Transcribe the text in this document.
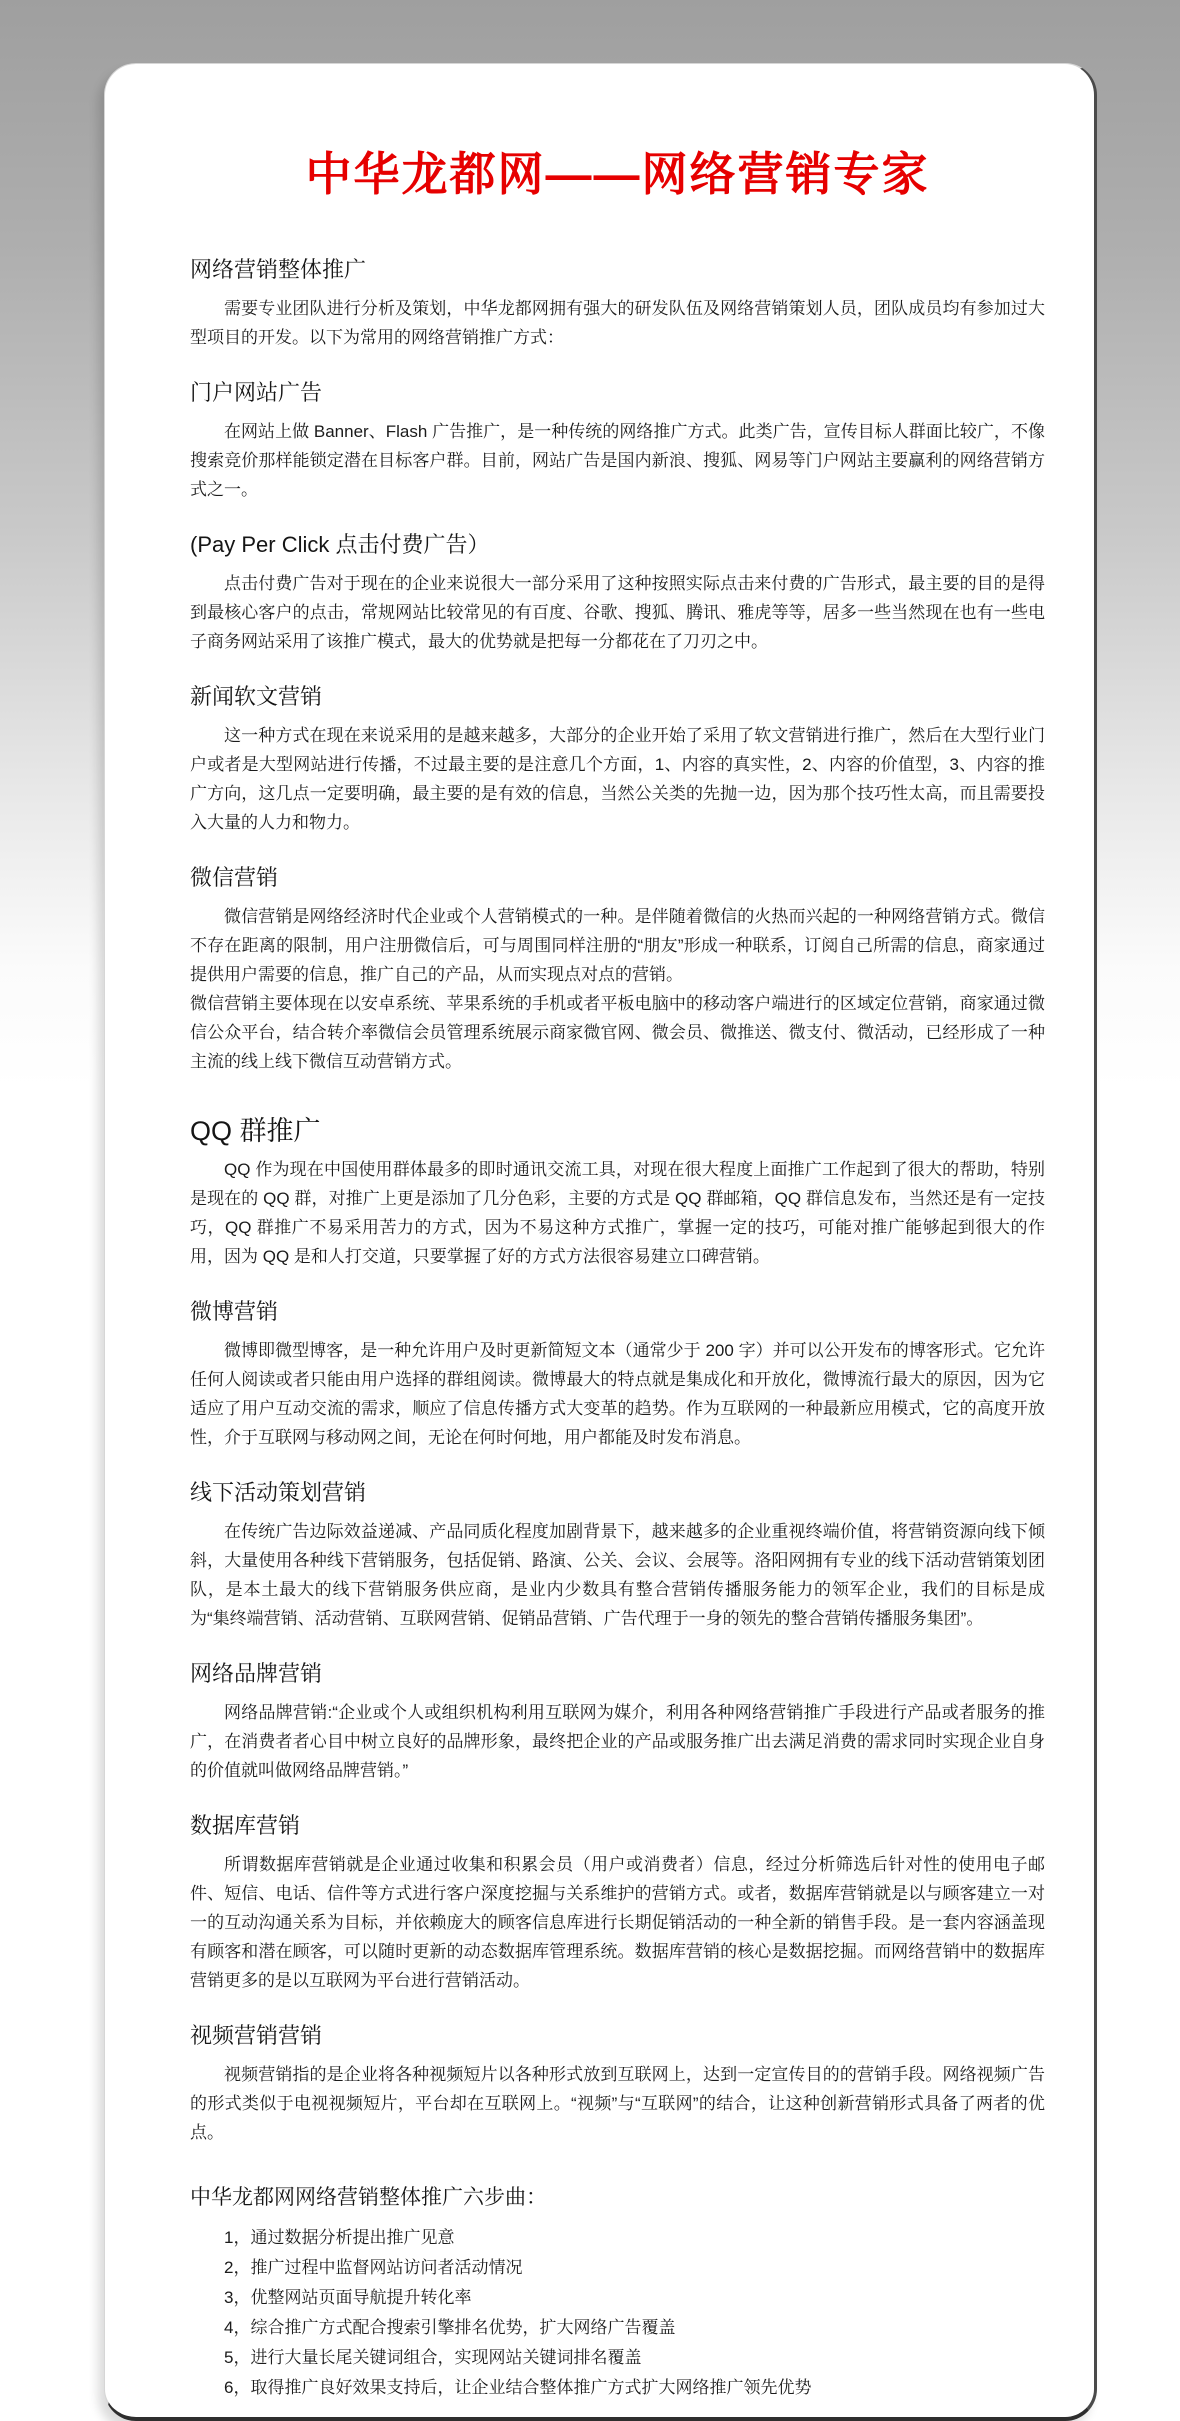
中华龙都网——网络营销专家
网络营销整体推广

需要专业团队进行分析及策划，中华龙都网拥有强大的研发队伍及网络营销策划人员，团队成员均有参加过大型项目的开发。以下为常用的网络营销推广方式：

门户网站广告

在网站上做 Banner、Flash 广告推广，是一种传统的网络推广方式。此类广告，宣传目标人群面比较广，不像搜索竞价那样能锁定潜在目标客户群。目前，网站广告是国内新浪、搜狐、网易等门户网站主要赢利的网络营销方式之一。

(Pay Per Click 点击付费广告）

点击付费广告对于现在的企业来说很大一部分采用了这种按照实际点击来付费的广告形式，最主要的目的是得到最核心客户的点击，常规网站比较常见的有百度、谷歌、搜狐、腾讯、雅虎等等，居多一些当然现在也有一些电子商务网站采用了该推广模式，最大的优势就是把每一分都花在了刀刃之中。

新闻软文营销

这一种方式在现在来说采用的是越来越多，大部分的企业开始了采用了软文营销进行推广，然后在大型行业门户或者是大型网站进行传播，不过最主要的是注意几个方面，1、内容的真实性，2、内容的价值型，3、内容的推广方向，这几点一定要明确，最主要的是有效的信息，当然公关类的先抛一边，因为那个技巧性太高，而且需要投入大量的人力和物力。

微信营销

微信营销是网络经济时代企业或个人营销模式的一种。是伴随着微信的火热而兴起的一种网络营销方式。微信不存在距离的限制，用户注册微信后，可与周围同样注册的“朋友”形成一种联系，订阅自己所需的信息，商家通过提供用户需要的信息，推广自己的产品，从而实现点对点的营销。

微信营销主要体现在以安卓系统、苹果系统的手机或者平板电脑中的移动客户端进行的区域定位营销，商家通过微信公众平台，结合转介率微信会员管理系统展示商家微官网、微会员、微推送、微支付、微活动，已经形成了一种主流的线上线下微信互动营销方式。

QQ 群推广

QQ 作为现在中国使用群体最多的即时通讯交流工具，对现在很大程度上面推广工作起到了很大的帮助，特别是现在的 QQ 群，对推广上更是添加了几分色彩，主要的方式是 QQ 群邮箱，QQ 群信息发布，当然还是有一定技巧，QQ 群推广不易采用苦力的方式，因为不易这种方式推广，掌握一定的技巧，可能对推广能够起到很大的作用，因为 QQ 是和人打交道，只要掌握了好的方式方法很容易建立口碑营销。

微博营销

微博即微型博客，是一种允许用户及时更新简短文本（通常少于 200 字）并可以公开发布的博客形式。它允许任何人阅读或者只能由用户选择的群组阅读。微博最大的特点就是集成化和开放化，微博流行最大的原因，因为它适应了用户互动交流的需求，顺应了信息传播方式大变革的趋势。作为互联网的一种最新应用模式，它的高度开放性，介于互联网与移动网之间，无论在何时何地，用户都能及时发布消息。

线下活动策划营销

在传统广告边际效益递减、产品同质化程度加剧背景下，越来越多的企业重视终端价值，将营销资源向线下倾斜，大量使用各种线下营销服务，包括促销、路演、公关、会议、会展等。洛阳网拥有专业的线下活动营销策划团队，是本土最大的线下营销服务供应商，是业内少数具有整合营销传播服务能力的领军企业，我们的目标是成为“集终端营销、活动营销、互联网营销、促销品营销、广告代理于一身的领先的整合营销传播服务集团”。

网络品牌营销

网络品牌营销:“企业或个人或组织机构利用互联网为媒介，利用各种网络营销推广手段进行产品或者服务的推广，在消费者者心目中树立良好的品牌形象，最终把企业的产品或服务推广出去满足消费的需求同时实现企业自身的价值就叫做网络品牌营销。”

数据库营销

所谓数据库营销就是企业通过收集和积累会员（用户或消费者）信息，经过分析筛选后针对性的使用电子邮件、短信、电话、信件等方式进行客户深度挖掘与关系维护的营销方式。或者，数据库营销就是以与顾客建立一对一的互动沟通关系为目标，并依赖庞大的顾客信息库进行长期促销活动的一种全新的销售手段。是一套内容涵盖现有顾客和潜在顾客，可以随时更新的动态数据库管理系统。数据库营销的核心是数据挖掘。而网络营销中的数据库营销更多的是以互联网为平台进行营销活动。

视频营销营销

视频营销指的是企业将各种视频短片以各种形式放到互联网上，达到一定宣传目的的营销手段。网络视频广告的形式类似于电视视频短片，平台却在互联网上。“视频”与“互联网”的结合，让这种创新营销形式具备了两者的优点。

中华龙都网网络营销整体推广六步曲：
1，通过数据分析提出推广见意
2，推广过程中监督网站访问者活动情况
3，优整网站页面导航提升转化率
4，综合推广方式配合搜索引擎排名优势，扩大网络广告覆盖
5，进行大量长尾关键词组合，实现网站关键词排名覆盖
6，取得推广良好效果支持后，让企业结合整体推广方式扩大网络推广领先优势
